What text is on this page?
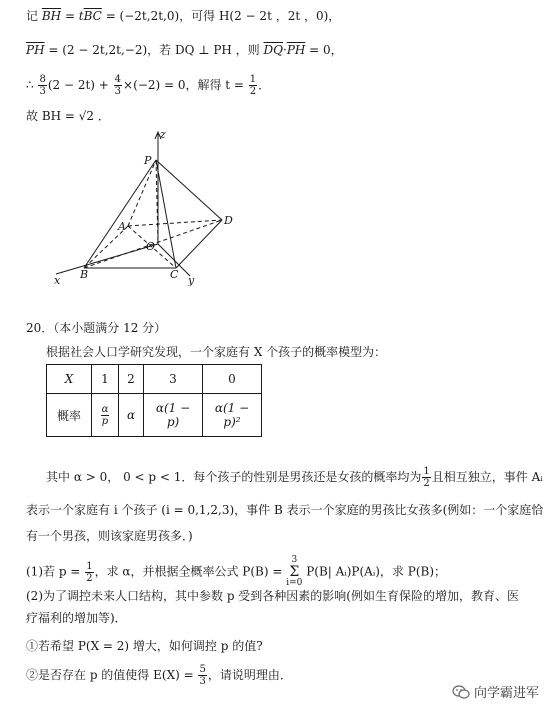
记 $\overline{BH} = t\overline{BC} = (-2t,2t,0)$，可得 H(2 − 2t ，2t ，0)，
$\overline{PH} = (2 - 2t,2t,-2)$，若 DQ ⊥ PH ，则 $\overline{DQ}\cdot\overline{PH} = 0$，
∴ $\frac{8}{3} (2 - 2t) + \frac{4}{3} \times(-2) = 0$，解得 $t = \frac{1}{2}$ ．
故 BH = √2 ．
z
P
A
O
D
B	C
x	y
20．（本小题满分 12 分）
根据社会人口学研究发现，一个家庭有 X 个孩子的概率模型为：
X	1	2	3	0
概率	$\frac{\alpha}{p}$	α	α(1 − p)	α(1 − p)²
其中 α > 0， 0 < p < 1．每个孩子的性别是男孩还是女孩的概率均为 $\frac{1}{2}$ 且相互独立，事件 Aᵢ
表示一个家庭有 i 个孩子 (i = 0,1,2,3)，事件 B 表示一个家庭的男孩比女孩多(例如：一个家庭恰
有一个男孩，则该家庭男孩多．)
(1)若 $p = \frac{1}{2}$ ，求 α，并根据全概率公式 P(B) =
3
Σ
i=0
P(B| Aᵢ)P(Aᵢ)，求 P(B)；
(2)为了调控未来人口结构，其中参数 p 受到各种因素的影响(例如生育保险的增加，教育、医
疗福利的增加等)．
①若希望 P(X = 2) 增大，如何调控 p 的值?
②是否存在 p 的值使得 $E(X) = \frac{5}{3}$ ，请说明理由．
向学霸进军
